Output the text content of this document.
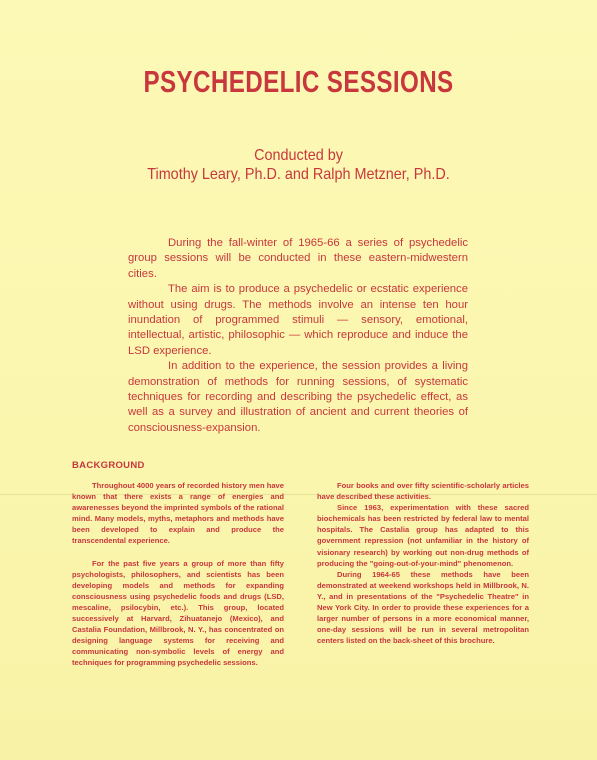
PSYCHEDELIC SESSIONS
Conducted by
Timothy Leary, Ph.D. and Ralph Metzner, Ph.D.

During the fall-winter of 1965-66 a series of psychedelic group sessions will be conducted in these eastern-midwestern cities.

The aim is to produce a psychedelic or ecstatic experience without using drugs. The methods involve an intense ten hour inundation of programmed stimuli — sensory, emotional, intellectual, artistic, philosophic — which reproduce and induce the LSD experience.

In addition to the experience, the session provides a living demonstration of methods for running sessions, of systematic techniques for recording and describing the psychedelic effect, as well as a survey and illustration of ancient and current theories of consciousness-expansion.

BACKGROUND

Throughout 4000 years of recorded history men have known that there exists a range of energies and awarenesses beyond the imprinted symbols of the rational mind. Many models, myths, metaphors and methods have been developed to explain and produce the transcendental experience.

For the past five years a group of more than fifty psychologists, philosophers, and scientists has been developing models and methods for expanding consciousness using psychedelic foods and drugs (LSD, mescaline, psilocybin, etc.). This group, located successively at Harvard, Zihuatanejo (Mexico), and Castalia Foundation, Millbrook, N. Y., has concentrated on designing language systems for receiving and communicating non-symbolic levels of energy and techniques for programming psychedelic sessions.

Four books and over fifty scientific-scholarly articles have described these activities.

Since 1963, experimentation with these sacred biochemicals has been restricted by federal law to mental hospitals. The Castalia group has adapted to this government repression (not unfamiliar in the history of visionary research) by working out non-drug methods of producing the "going-out-of-your-mind" phenomenon.

During 1964-65 these methods have been demonstrated at weekend workshops held in Millbrook, N. Y., and in presentations of the "Psychedelic Theatre" in New York City. In order to provide these experiences for a larger number of persons in a more economical manner, one-day sessions will be run in several metropolitan centers listed on the back-sheet of this brochure.
